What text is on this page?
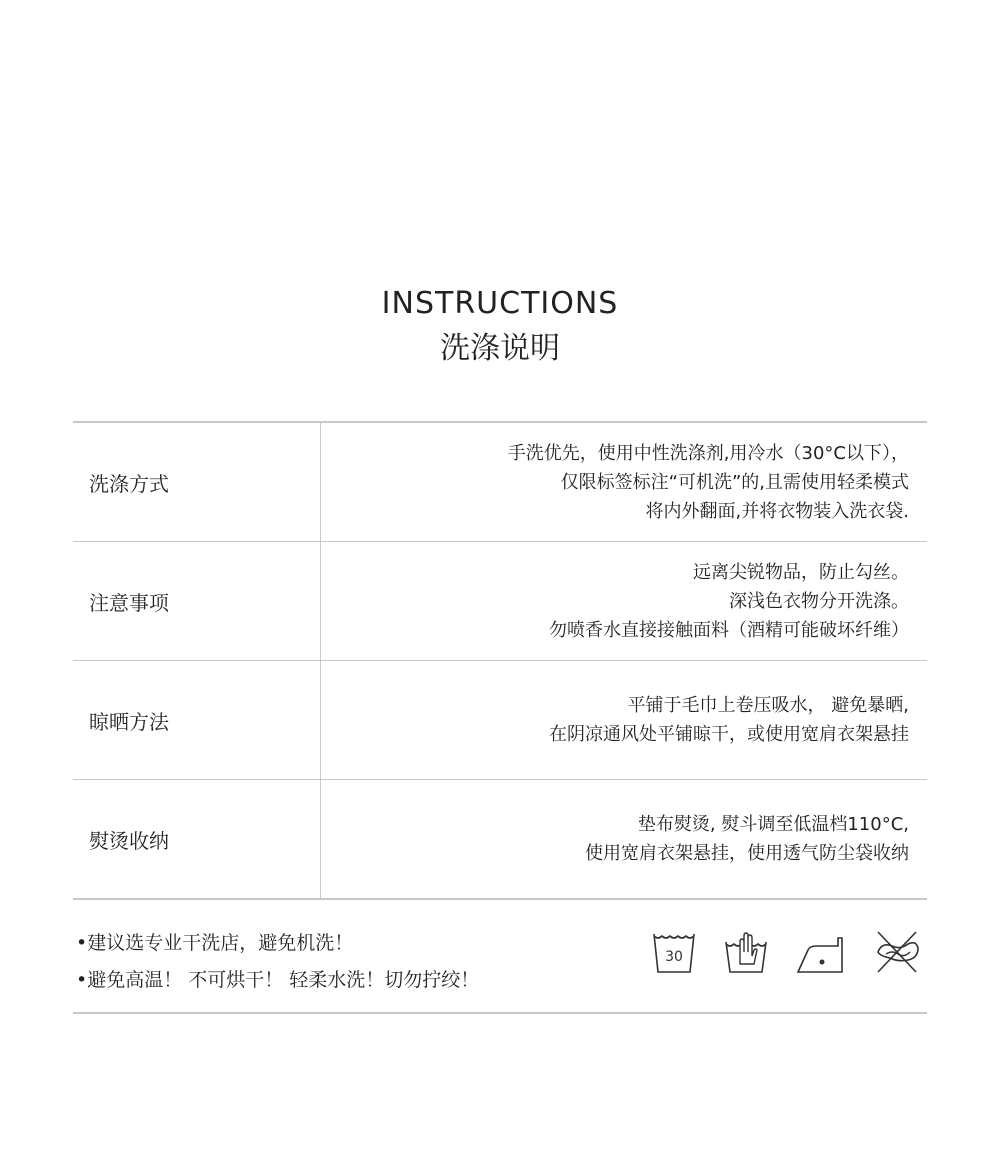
INSTRUCTIONS
洗涤说明
洗涤方式
手洗优先，使用中性洗涤剂,用冷水（30°C以下），
仅限标签标注“可机洗”的,且需使用轻柔模式
将内外翻面,并将衣物装入洗衣袋.
注意事项
远离尖锐物品，防止勾丝。
深浅色衣物分开洗涤。
勿喷香水直接接触面料（酒精可能破坏纤维）
晾晒方法
平铺于毛巾上卷压吸水， 避免暴晒,
在阴凉通风处平铺晾干，或使用宽肩衣架悬挂
熨烫收纳
垫布熨烫, 熨斗调至低温档110°C,
使用宽肩衣架悬挂，使用透气防尘袋收纳
•建议选专业干洗店，避免机洗！
•避免高温！ 不可烘干！ 轻柔水洗！切勿拧绞！
30
